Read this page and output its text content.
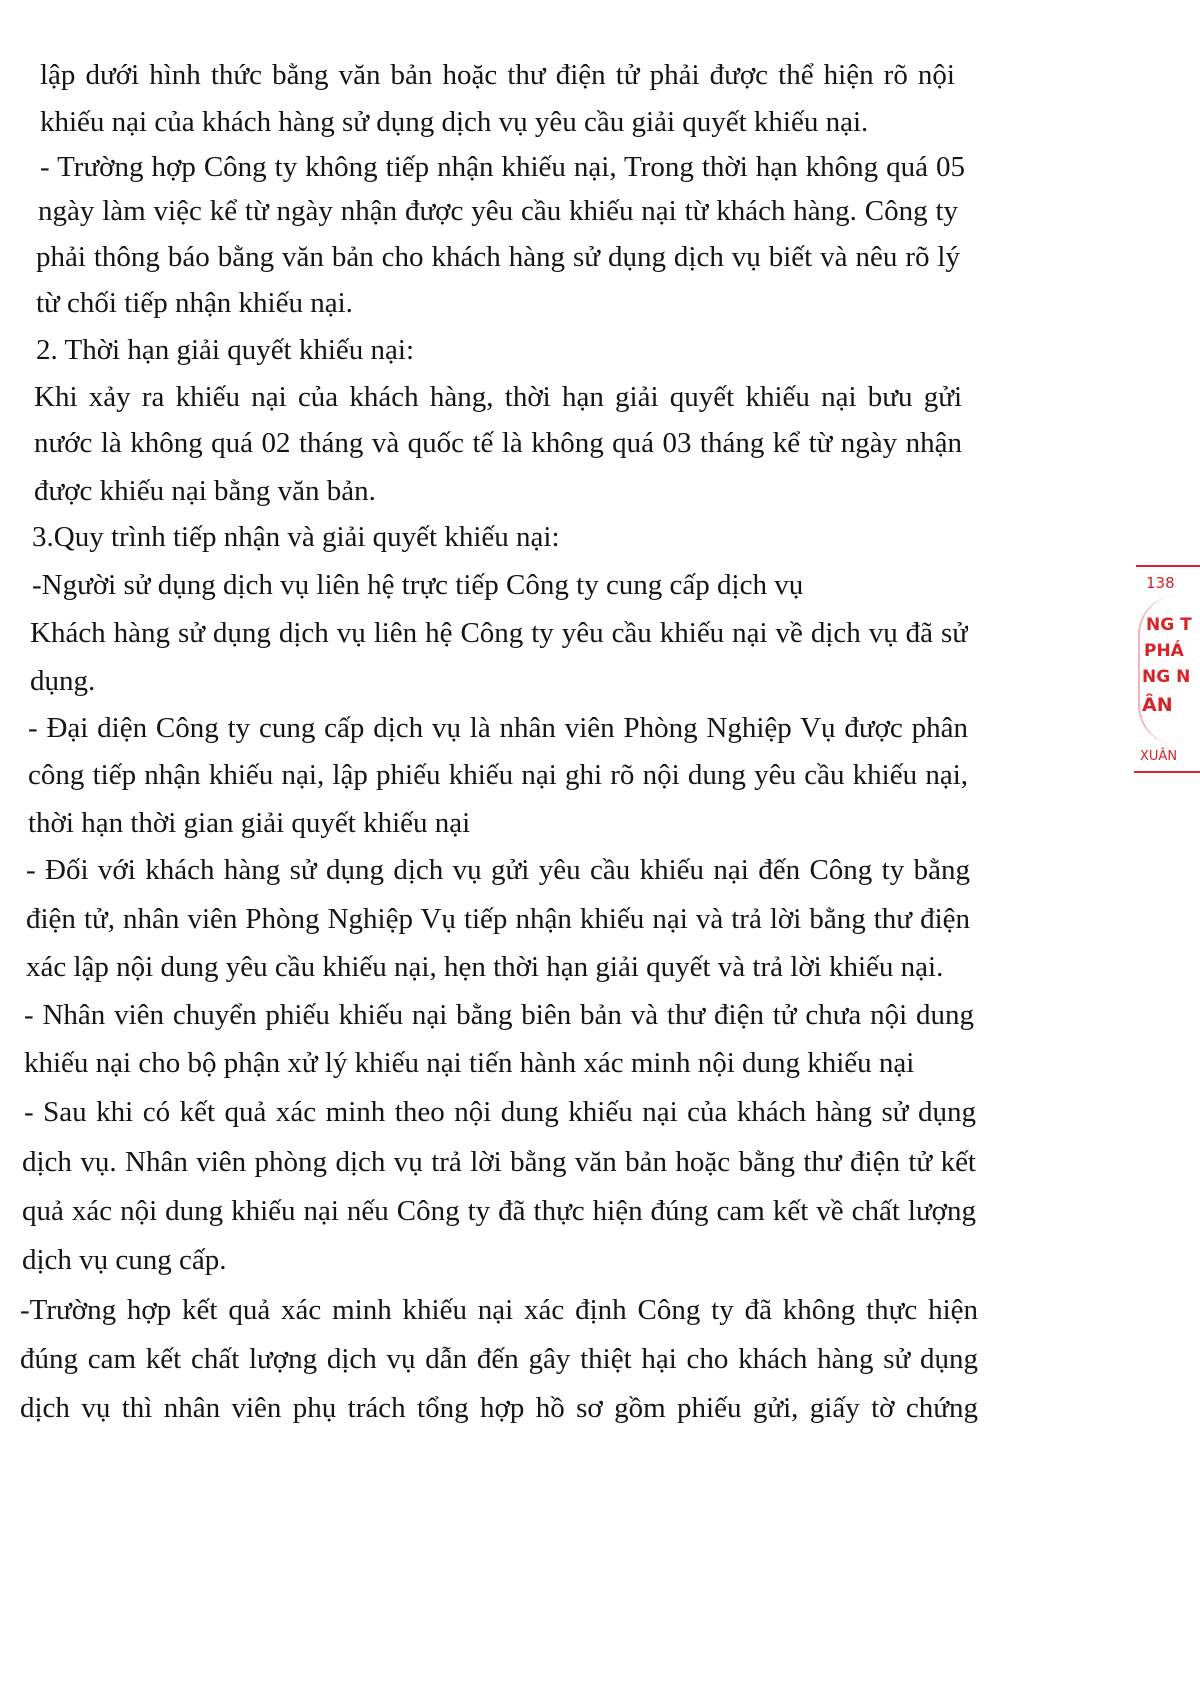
lập dưới hình thức bằng văn bản hoặc thư điện tử phải được thể hiện rõ nội
khiếu nại của khách hàng sử dụng dịch vụ yêu cầu giải quyết khiếu nại.
- Trường hợp Công ty không tiếp nhận khiếu nại, Trong thời hạn không quá 05
ngày làm việc kể từ ngày nhận được yêu cầu khiếu nại từ khách hàng. Công ty
phải thông báo bằng văn bản cho khách hàng sử dụng dịch vụ biết và nêu rõ lý
từ chối tiếp nhận khiếu nại.
2. Thời hạn giải quyết khiếu nại:
Khi xảy ra khiếu nại của khách hàng, thời hạn giải quyết khiếu nại bưu gửi
nước là không quá 02 tháng và quốc tế là không quá 03 tháng kể từ ngày nhận
được khiếu nại bằng văn bản.
3.Quy trình tiếp nhận và giải quyết khiếu nại:
-Người sử dụng dịch vụ liên hệ trực tiếp Công ty cung cấp dịch vụ
Khách hàng sử dụng dịch vụ liên hệ Công ty yêu cầu khiếu nại về dịch vụ đã sử
dụng.
- Đại diện Công ty cung cấp dịch vụ là nhân viên Phòng Nghiệp Vụ được phân
công tiếp nhận khiếu nại, lập phiếu khiếu nại ghi rõ nội dung yêu cầu khiếu nại,
thời hạn thời gian giải quyết khiếu nại
- Đối với khách hàng sử dụng dịch vụ gửi yêu cầu khiếu nại đến Công ty bằng
điện tử, nhân viên Phòng Nghiệp Vụ tiếp nhận khiếu nại và trả lời bằng thư điện
xác lập nội dung yêu cầu khiếu nại, hẹn thời hạn giải quyết và trả lời khiếu nại.
- Nhân viên chuyển phiếu khiếu nại bằng biên bản và thư điện tử chưa nội dung
khiếu nại cho bộ phận xử lý khiếu nại tiến hành xác minh nội dung khiếu nại
- Sau khi có kết quả xác minh theo nội dung khiếu nại của khách hàng sử dụng
dịch vụ. Nhân viên phòng dịch vụ trả lời bằng văn bản hoặc bằng thư điện tử kết
quả xác nội dung khiếu nại nếu Công ty đã thực hiện đúng cam kết về chất lượng
dịch vụ cung cấp.
-Trường hợp kết quả xác minh khiếu nại xác định Công ty đã không thực hiện
đúng cam kết chất lượng dịch vụ dẫn đến gây thiệt hại cho khách hàng sử dụng
dịch vụ thì nhân viên phụ trách tổng hợp hồ sơ gồm phiếu gửi, giấy tờ chứng
138
NG T
PHÁ
NG N
ÂN
XUÂN
